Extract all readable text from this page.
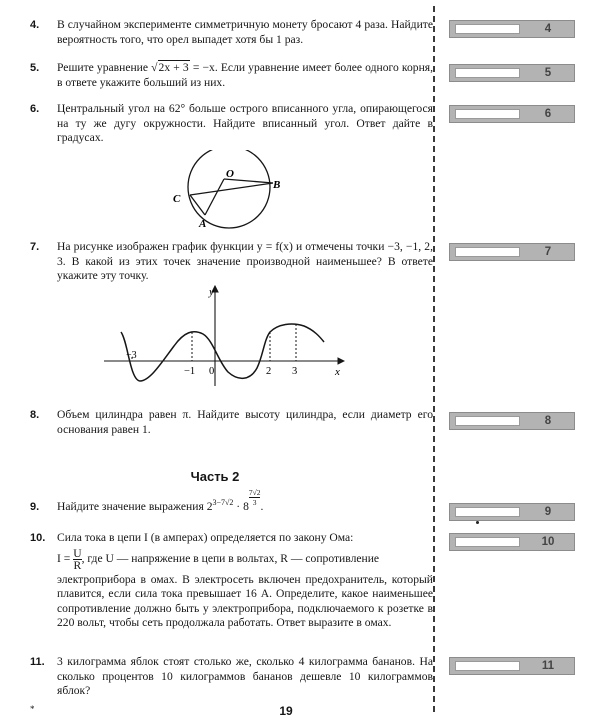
4. В случайном эксперименте симметричную монету бросают 4 раза. Найдите вероятность того, что орел выпадет хотя бы 1 раз.

4
5. Решите уравнение √2x + 3 = −x. Если уравнение имеет более одного корня, в ответе укажите больший из них.

5
6. Центральный угол на 62° больше острого вписанного угла, опирающегося на ту же дугу окружности. Найдите вписанный угол. Ответ дайте в градусах.

6
O
B
C
A
7. На рисунке изображен график функции y = f(x) и отмечены точки −3, −1, 2, 3. В какой из этих точек значение производной наименьшее? В ответе укажите эту точку.

7
y
x
0
−3
−1	2 3
8. Объем цилиндра равен π. Найдите высоту цилиндра, если диаметр его основания равен 1.

8
Часть 2
9. Найдите значение выражения $2^{3-7√2} \cdot 8 \frac{7√2}{3}$ .	9
10. Сила тока в цепи I (в амперах) определяется по закону Ома:

$I = \frac{U}{R}$ , где U — напряжение в цепи в вольтах, R — сопротивление

электроприбора в омах. В электросеть включен предохранитель, который плавится, если сила тока превышает 16 А. Определите, какое наименьшее сопротивление должно быть у электроприбора, подключаемого к розетке в 220 вольт, чтобы сеть продолжала работать. Ответ выразите в омах.

10
11. 3 килограмма яблок стоят столько же, сколько 4 килограмма бананов. На сколько процентов 10 килограммов бананов дешевле 10 килограммов яблок?

11
*	19
